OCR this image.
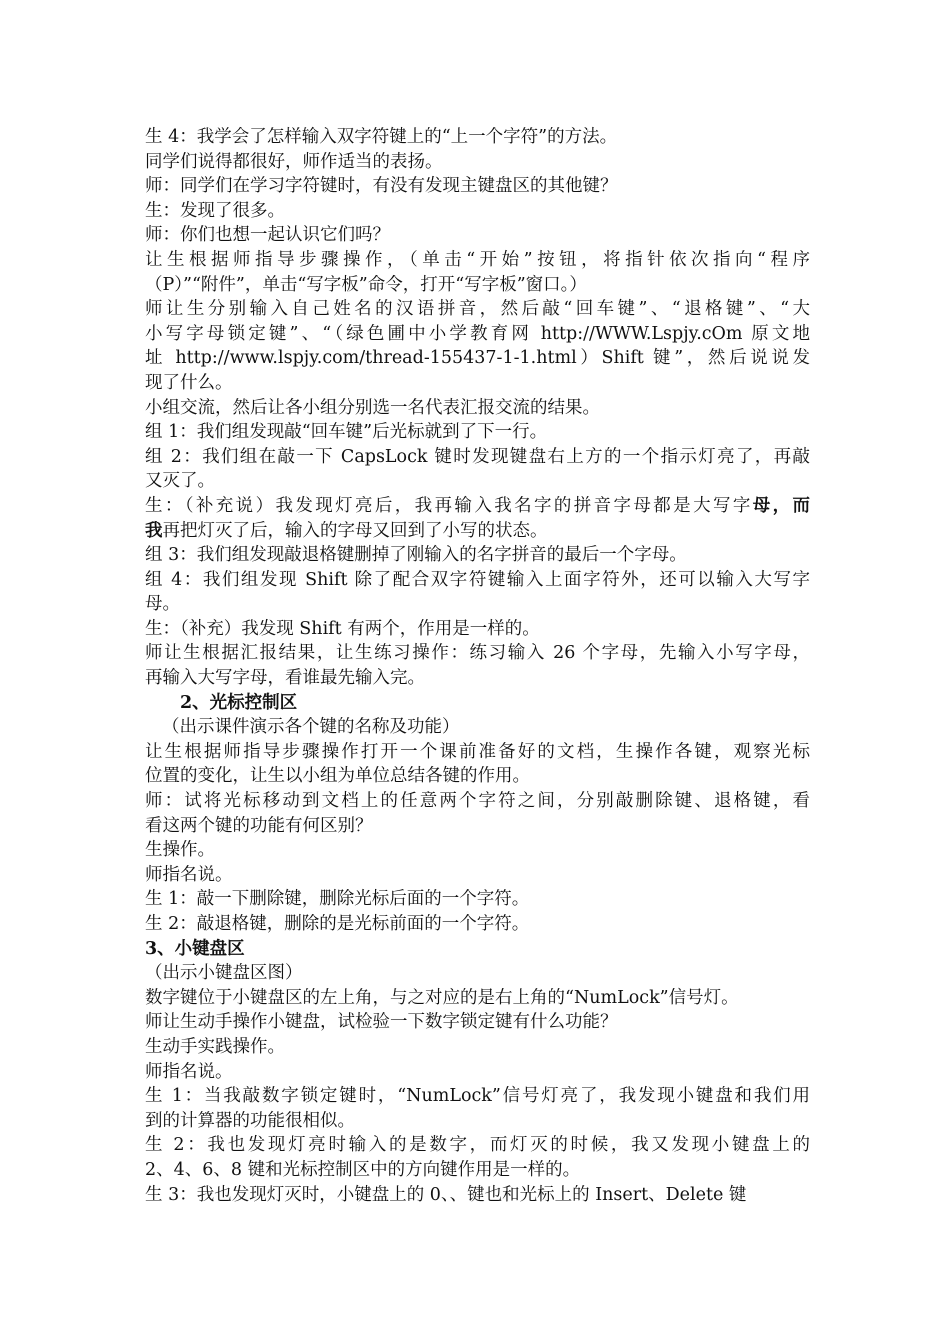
生 4：我学会了怎样输入双字符键上的“上一个字符”的方法。
同学们说得都很好，师作适当的表扬。
师：同学们在学习字符键时，有没有发现主键盘区的其他键？
生：发现了很多。
师：你们也想一起认识它们吗？
让生根据师指导步骤操作，（单击“开始”按钮，将指针依次指向“程序
（P）”“附件”，单击“写字板”命令，打开“写字板”窗口。）
师让生分别输入自己姓名的汉语拼音，然后敲“回车键”、“退格键”、“大
小写字母锁定键”、“（绿色圃中小学教育网 http://WWW.Lspjy.cOm 原文地
址 http://www.lspjy.com/thread-155437-1-1.html）Shift 键”，然后说说发
现了什么。
小组交流，然后让各小组分别选一名代表汇报交流的结果。
组 1：我们组发现敲“回车键”后光标就到了下一行。
组 2：我们组在敲一下 CapsLock 键时发现键盘右上方的一个指示灯亮了，再敲
又灭了。
生：（补充说）我发现灯亮后，我再输入我名字的拼音字母都是大写字母，而
我再把灯灭了后，输入的字母又回到了小写的状态。
组 3：我们组发现敲退格键删掉了刚输入的名字拼音的最后一个字母。
组 4：我们组发现 Shift 除了配合双字符键输入上面字符外，还可以输入大写字
母。
生：（补充）我发现 Shift 有两个，作用是一样的。
师让生根据汇报结果，让生练习操作：练习输入 26 个字母，先输入小写字母，
再输入大写字母，看谁最先输入完。
2、光标控制区
（出示课件演示各个键的名称及功能）
让生根据师指导步骤操作打开一个课前准备好的文档，生操作各键，观察光标
位置的变化，让生以小组为单位总结各键的作用。
师：试将光标移动到文档上的任意两个字符之间，分别敲删除键、退格键，看
看这两个键的功能有何区别？
生操作。
师指名说。
生 1：敲一下删除键，删除光标后面的一个字符。
生 2：敲退格键，删除的是光标前面的一个字符。
3、小键盘区
（出示小键盘区图）
数字键位于小键盘区的左上角，与之对应的是右上角的“NumLock”信号灯。
师让生动手操作小键盘，试检验一下数字锁定键有什么功能？
生动手实践操作。
师指名说。
生 1：当我敲数字锁定键时，“NumLock”信号灯亮了，我发现小键盘和我们用
到的计算器的功能很相似。
生 2：我也发现灯亮时输入的是数字，而灯灭的时候，我又发现小键盘上的
2、4、6、8 键和光标控制区中的方向键作用是一样的。
生 3：我也发现灯灭时，小键盘上的 0、、键也和光标上的 Insert、Delete 键
